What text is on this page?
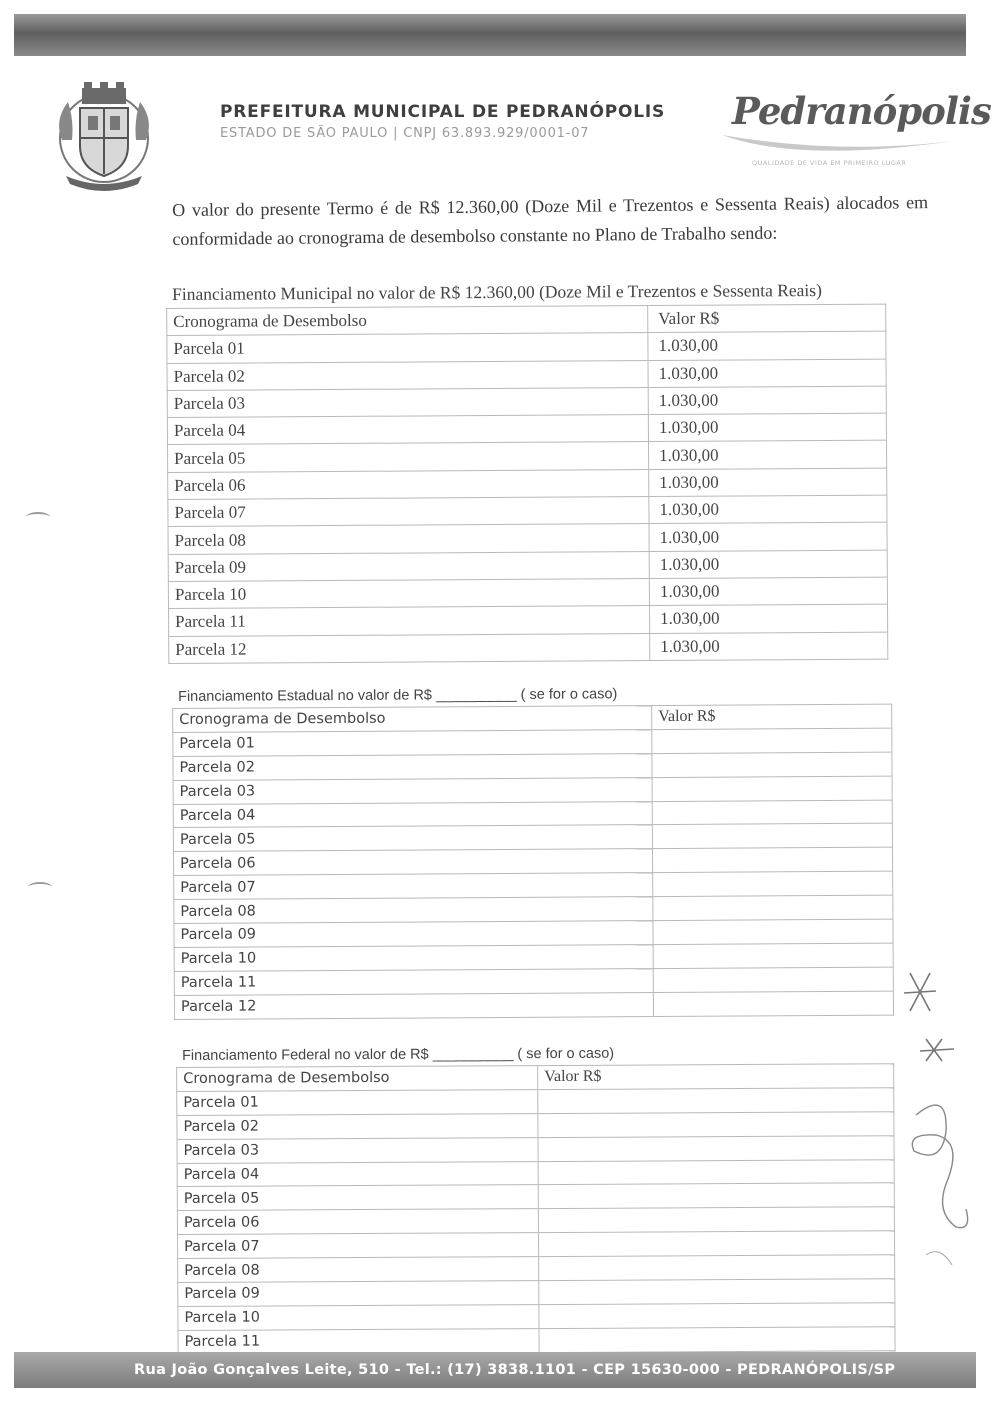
PREFEITURA MUNICIPAL DE PEDRANÓPOLIS
ESTADO DE SÃO PAULO | CNPJ 63.893.929/0001-07
Pedranópolis
QUALIDADE DE VIDA EM PRIMEIRO LUGAR

O valor do presente Termo é de R$ 12.360,00 (Doze Mil e Trezentos e Sessenta Reais) alocados em conformidade ao cronograma de desembolso constante no Plano de Trabalho sendo:

Financiamento Municipal no valor de R$ 12.360,00 (Doze Mil e Trezentos e Sessenta Reais)
Cronograma de Desembolso	Valor R$
Parcela 01	1.030,00
Parcela 02	1.030,00
Parcela 03	1.030,00
Parcela 04	1.030,00
Parcela 05	1.030,00
Parcela 06	1.030,00
Parcela 07	1.030,00
Parcela 08	1.030,00
Parcela 09	1.030,00
Parcela 10	1.030,00
Parcela 11	1.030,00
Parcela 12	1.030,00
Financiamento Estadual no valor de R$ __________ ( se for o caso)
Cronograma de Desembolso	Valor R$
Parcela 01	
Parcela 02	
Parcela 03	
Parcela 04	
Parcela 05	
Parcela 06	
Parcela 07	
Parcela 08	
Parcela 09	
Parcela 10	
Parcela 11	
Parcela 12	
Financiamento Federal no valor de R$ __________ ( se for o caso)
Cronograma de Desembolso	Valor R$
Parcela 01	
Parcela 02	
Parcela 03	
Parcela 04	
Parcela 05	
Parcela 06	
Parcela 07	
Parcela 08	
Parcela 09	
Parcela 10	
Parcela 11	
Rua João Gonçalves Leite, 510 - Tel.: (17) 3838.1101 - CEP 15630-000 - PEDRANÓPOLIS/SP
